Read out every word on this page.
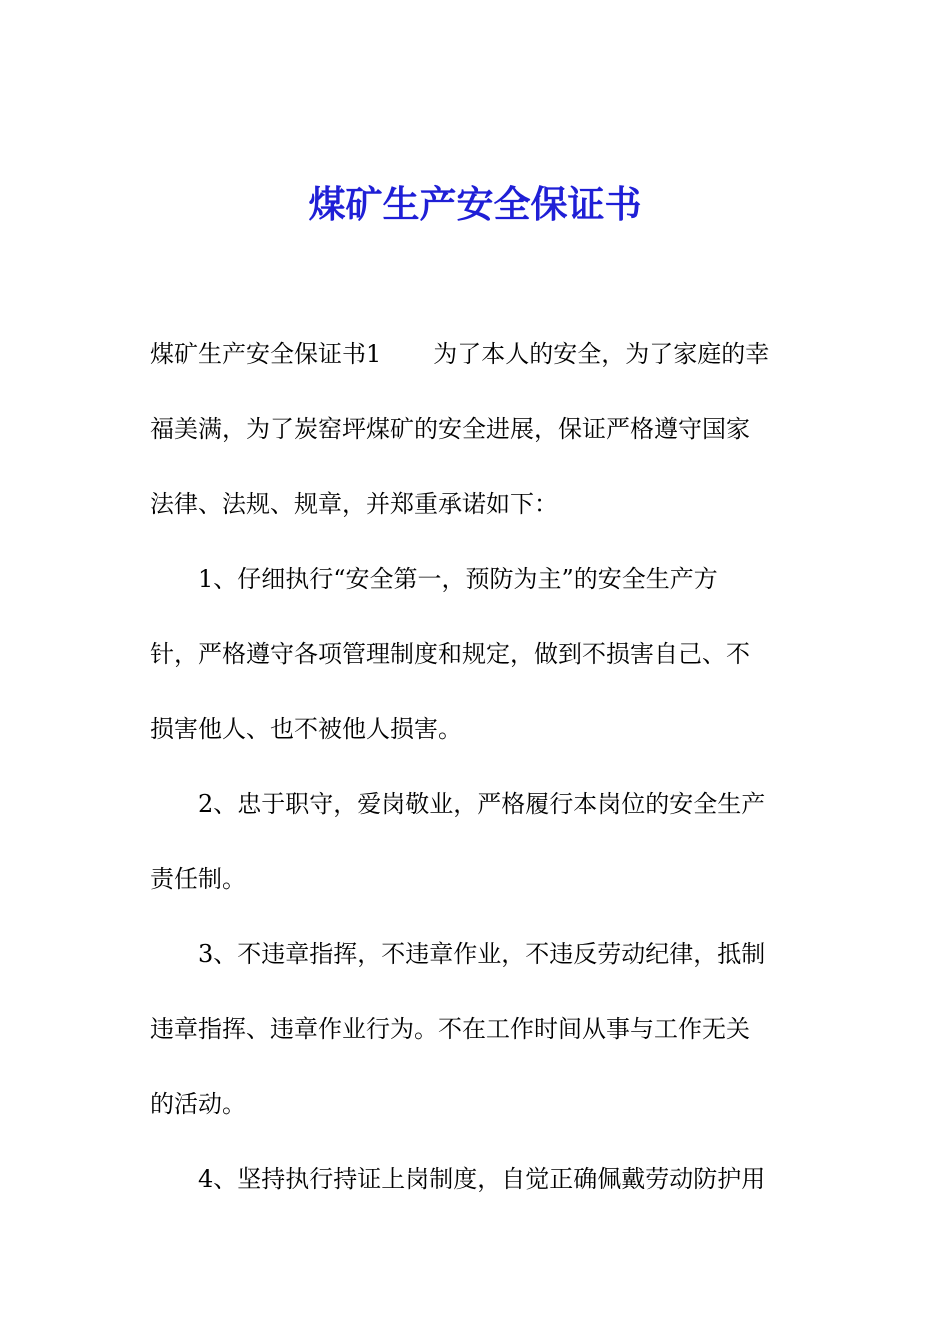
煤矿生产安全保证书
煤矿生产安全保证书1 为了本人的安全，为了家庭的幸
福美满，为了炭窑坪煤矿的安全进展，保证严格遵守国家
法律、法规、规章，并郑重承诺如下：
1、仔细执行“安全第一，预防为主”的安全生产方
针，严格遵守各项管理制度和规定，做到不损害自己、不
损害他人、也不被他人损害。
2、忠于职守，爱岗敬业，严格履行本岗位的安全生产
责任制。
3、不违章指挥，不违章作业，不违反劳动纪律，抵制
违章指挥、违章作业行为。不在工作时间从事与工作无关
的活动。
4、坚持执行持证上岗制度，自觉正确佩戴劳动防护用
